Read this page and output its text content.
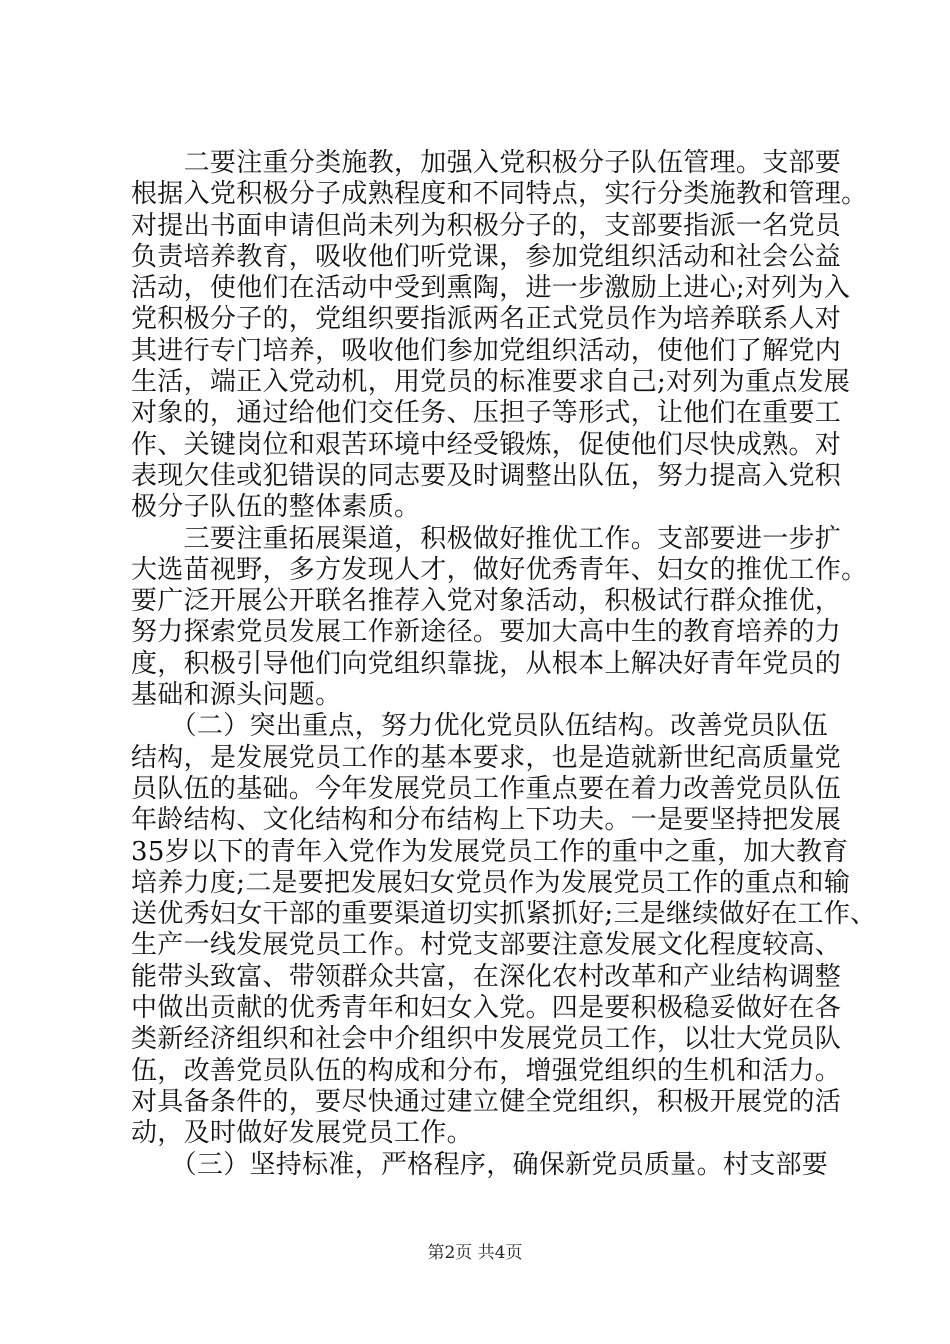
　　二要注重分类施教，加强入党积极分子队伍管理。支部要
根据入党积极分子成熟程度和不同特点，实行分类施教和管理。
对提出书面申请但尚未列为积极分子的，支部要指派一名党员
负责培养教育，吸收他们听党课，参加党组织活动和社会公益
活动，使他们在活动中受到熏陶，进一步激励上进心;对列为入
党积极分子的，党组织要指派两名正式党员作为培养联系人对
其进行专门培养，吸收他们参加党组织活动，使他们了解党内
生活，端正入党动机，用党员的标准要求自己;对列为重点发展
对象的，通过给他们交任务、压担子等形式，让他们在重要工
作、关键岗位和艰苦环境中经受锻炼，促使他们尽快成熟。对
表现欠佳或犯错误的同志要及时调整出队伍，努力提高入党积
极分子队伍的整体素质。
　　三要注重拓展渠道，积极做好推优工作。支部要进一步扩
大选苗视野，多方发现人才，做好优秀青年、妇女的推优工作。
要广泛开展公开联名推荐入党对象活动，积极试行群众推优，
努力探索党员发展工作新途径。要加大高中生的教育培养的力
度，积极引导他们向党组织靠拢，从根本上解决好青年党员的
基础和源头问题。
　　（二）突出重点，努力优化党员队伍结构。改善党员队伍
结构，是发展党员工作的基本要求，也是造就新世纪高质量党
员队伍的基础。今年发展党员工作重点要在着力改善党员队伍
年龄结构、文化结构和分布结构上下功夫。一是要坚持把发展
35岁以下的青年入党作为发展党员工作的重中之重，加大教育
培养力度;二是要把发展妇女党员作为发展党员工作的重点和输
送优秀妇女干部的重要渠道切实抓紧抓好;三是继续做好在工作、
生产一线发展党员工作。村党支部要注意发展文化程度较高、
能带头致富、带领群众共富，在深化农村改革和产业结构调整
中做出贡献的优秀青年和妇女入党。四是要积极稳妥做好在各
类新经济组织和社会中介组织中发展党员工作，以壮大党员队
伍，改善党员队伍的构成和分布，增强党组织的生机和活力。
对具备条件的，要尽快通过建立健全党组织，积极开展党的活
动，及时做好发展党员工作。
　　（三）坚持标准，严格程序，确保新党员质量。村支部要
第2页 共4页
